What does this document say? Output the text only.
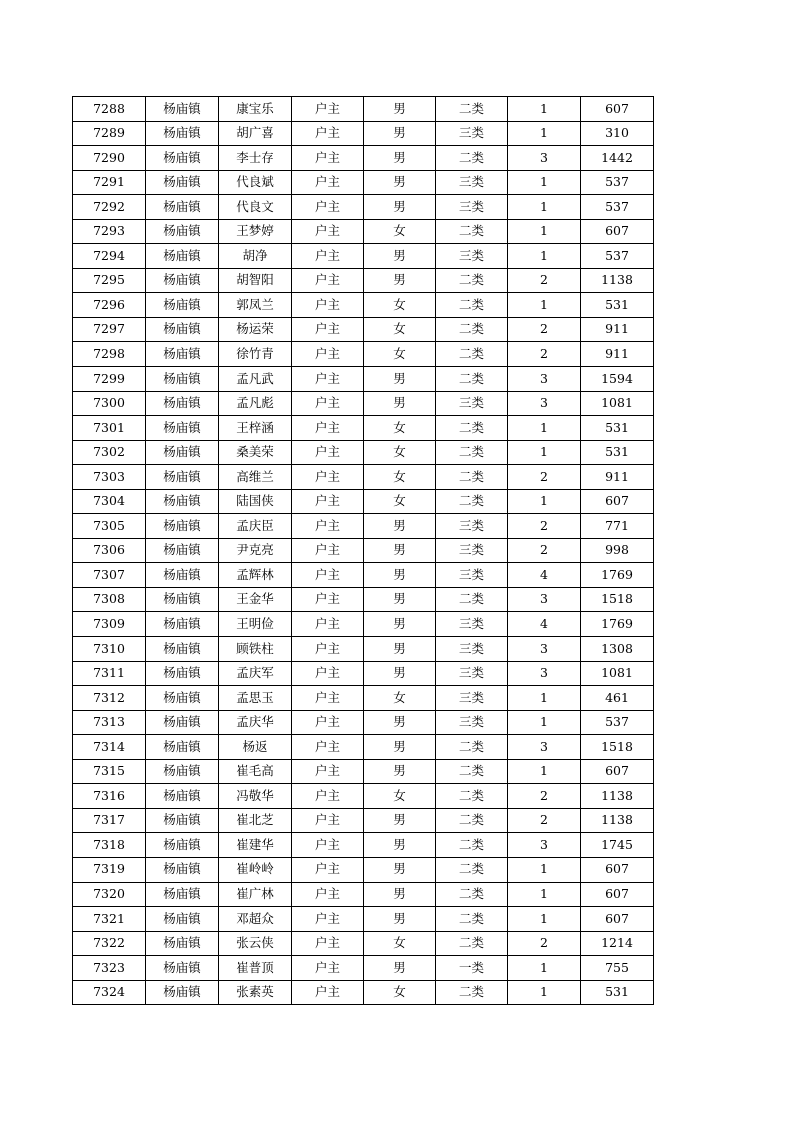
7288	杨庙镇	康宝乐	户主	男	二类	1	607
7289	杨庙镇	胡广喜	户主	男	三类	1	310
7290	杨庙镇	李士存	户主	男	二类	3	1442
7291	杨庙镇	代良斌	户主	男	三类	1	537
7292	杨庙镇	代良文	户主	男	三类	1	537
7293	杨庙镇	王梦婷	户主	女	二类	1	607
7294	杨庙镇	胡净	户主	男	三类	1	537
7295	杨庙镇	胡智阳	户主	男	二类	2	1138
7296	杨庙镇	郭凤兰	户主	女	二类	1	531
7297	杨庙镇	杨运荣	户主	女	二类	2	911
7298	杨庙镇	徐竹青	户主	女	二类	2	911
7299	杨庙镇	孟凡武	户主	男	二类	3	1594
7300	杨庙镇	孟凡彪	户主	男	三类	3	1081
7301	杨庙镇	王梓涵	户主	女	二类	1	531
7302	杨庙镇	桑美荣	户主	女	二类	1	531
7303	杨庙镇	高维兰	户主	女	二类	2	911
7304	杨庙镇	陆国侠	户主	女	二类	1	607
7305	杨庙镇	孟庆臣	户主	男	三类	2	771
7306	杨庙镇	尹克亮	户主	男	三类	2	998
7307	杨庙镇	孟辉林	户主	男	三类	4	1769
7308	杨庙镇	王金华	户主	男	二类	3	1518
7309	杨庙镇	王明俭	户主	男	三类	4	1769
7310	杨庙镇	顾铁柱	户主	男	三类	3	1308
7311	杨庙镇	孟庆军	户主	男	三类	3	1081
7312	杨庙镇	孟思玉	户主	女	三类	1	461
7313	杨庙镇	孟庆华	户主	男	三类	1	537
7314	杨庙镇	杨返	户主	男	二类	3	1518
7315	杨庙镇	崔毛高	户主	男	二类	1	607
7316	杨庙镇	冯敬华	户主	女	二类	2	1138
7317	杨庙镇	崔北芝	户主	男	二类	2	1138
7318	杨庙镇	崔建华	户主	男	二类	3	1745
7319	杨庙镇	崔岭岭	户主	男	二类	1	607
7320	杨庙镇	崔广林	户主	男	二类	1	607
7321	杨庙镇	邓超众	户主	男	二类	1	607
7322	杨庙镇	张云侠	户主	女	二类	2	1214
7323	杨庙镇	崔普顶	户主	男	一类	1	755
7324	杨庙镇	张素英	户主	女	二类	1	531
